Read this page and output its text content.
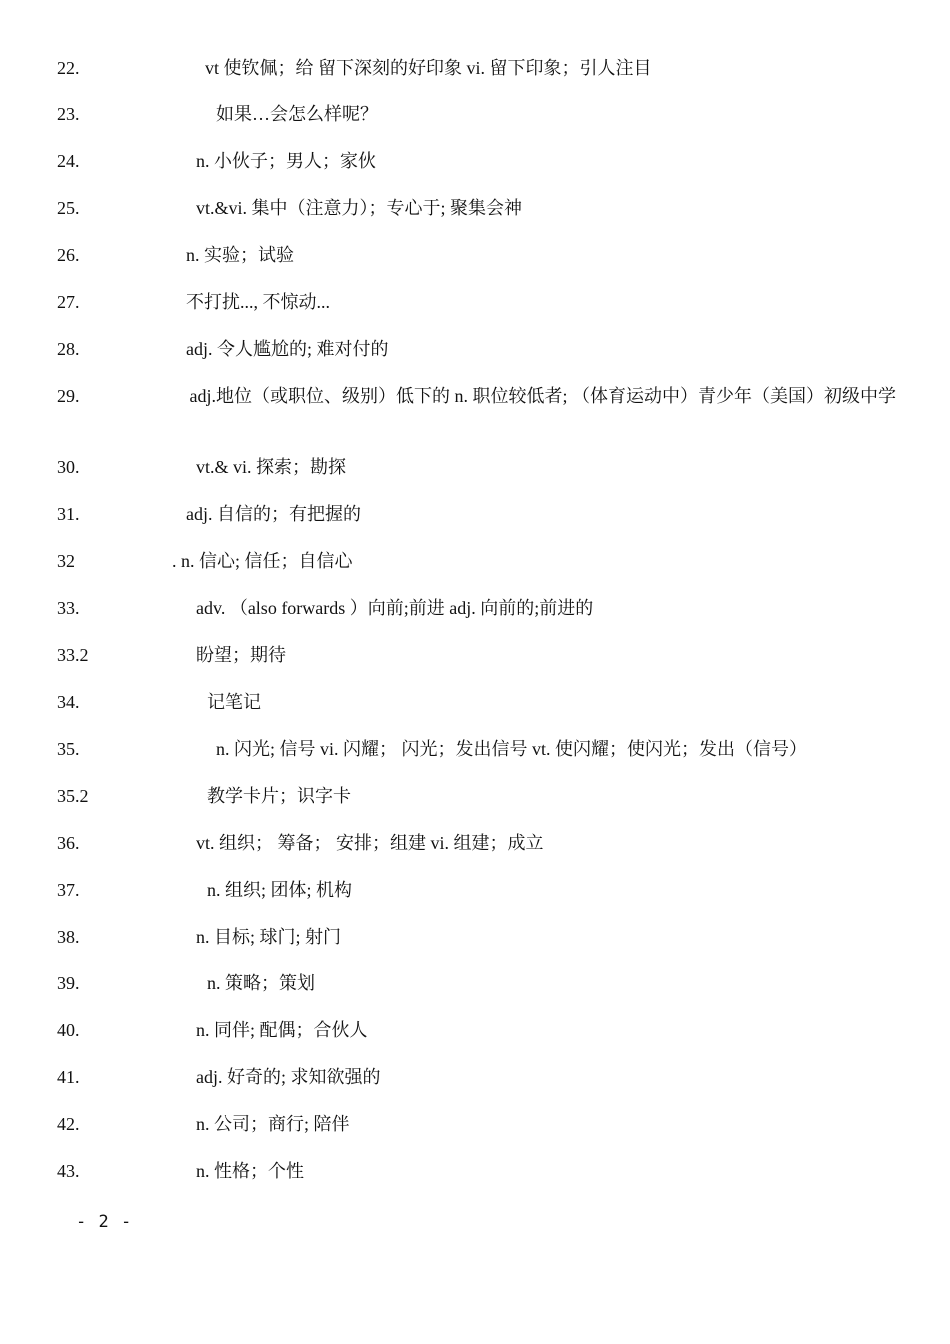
22.	vt 使钦佩；给 留下深刻的好印象 vi. 留下印象；引人注目
23.	如果…会怎么样呢？
24.	n. 小伙子；男人；家伙
25.	vt.&vi. 集中（注意力）；专心于; 聚集会神
26.	n. 实验；试验
27.	不打扰..., 不惊动...
28.	adj. 令人尴尬的; 难对付的
29.	adj.地位（或职位、级别）低下的 n. 职位较低者; （体育运动中）青少年（美国）初级中学
30.	vt.& vi. 探索；勘探
31.	adj. 自信的；有把握的
32	. n. 信心; 信任；自信心
33.	adv. （also forwards ）向前;前进 adj. 向前的;前进的
33.2	盼望；期待
34.	记笔记
35.	n. 闪光; 信号 vi. 闪耀； 闪光；发出信号 vt. 使闪耀；使闪光；发出（信号）
35.2	教学卡片；识字卡
36.	vt. 组织； 筹备； 安排；组建 vi. 组建；成立
37.	n. 组织; 团体; 机构
38.	n. 目标; 球门; 射门
39.	n. 策略；策划
40.	n. 同伴; 配偶；合伙人
41.	adj. 好奇的; 求知欲强的
42.	n. 公司；商行; 陪伴
43.	n. 性格；个性
- 2 -
